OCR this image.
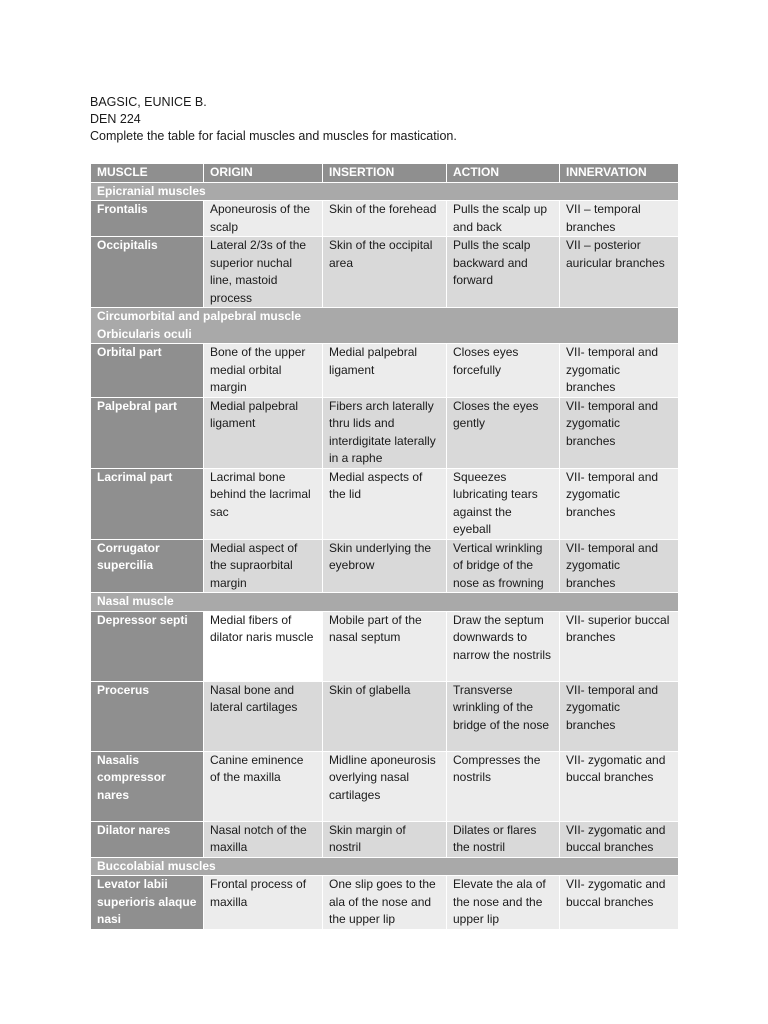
BAGSIC, EUNICE B.
DEN 224
Complete the table for facial muscles and muscles for mastication.
MUSCLE	ORIGIN	INSERTION	ACTION	INNERVATION

Epicranial muscles				

Frontalis	Aponeurosis of the scalp	Skin of the forehead	Pulls the scalp up and back	VII – temporal branches
Occipitalis	Lateral 2/3s of the superior nuchal line, mastoid process	Skin of the occipital area	Pulls the scalp backward and forward	VII – posterior auricular branches

Circumorbital and palpebral muscle
Orbicularis oculi				

Orbital part	Bone of the upper medial orbital margin	Medial palpebral ligament	Closes eyes forcefully	VII- temporal and zygomatic branches
Palpebral part	Medial palpebral ligament	Fibers arch laterally thru lids and interdigitate laterally in a raphe	Closes the eyes gently	VII- temporal and zygomatic branches
Lacrimal part	Lacrimal bone behind the lacrimal sac	Medial aspects of the lid	Squeezes lubricating tears against the eyeball	VII- temporal and zygomatic branches
Corrugator supercilia	Medial aspect of the supraorbital margin	Skin underlying the eyebrow	Vertical wrinkling of bridge of the nose as frowning	VII- temporal and zygomatic branches

Nasal muscle				

Depressor septi	Medial fibers of dilator naris muscle	Mobile part of the nasal septum	Draw the septum downwards to narrow the nostrils	VII- superior buccal branches
Procerus	Nasal bone and lateral cartilages	Skin of glabella	Transverse wrinkling of the bridge of the nose	VII- temporal and zygomatic branches
Nasalis compressor nares	Canine eminence of the maxilla	Midline aponeurosis overlying nasal cartilages	Compresses the nostrils	VII- zygomatic and buccal branches
Dilator nares	Nasal notch of the maxilla	Skin margin of nostril	Dilates or flares the nostril	VII- zygomatic and buccal branches

Buccolabial muscles				

Levator labii superioris alaque nasi	Frontal process of maxilla	One slip goes to the ala of the nose and the upper lip	Elevate the ala of the nose and the upper lip	VII- zygomatic and buccal branches
